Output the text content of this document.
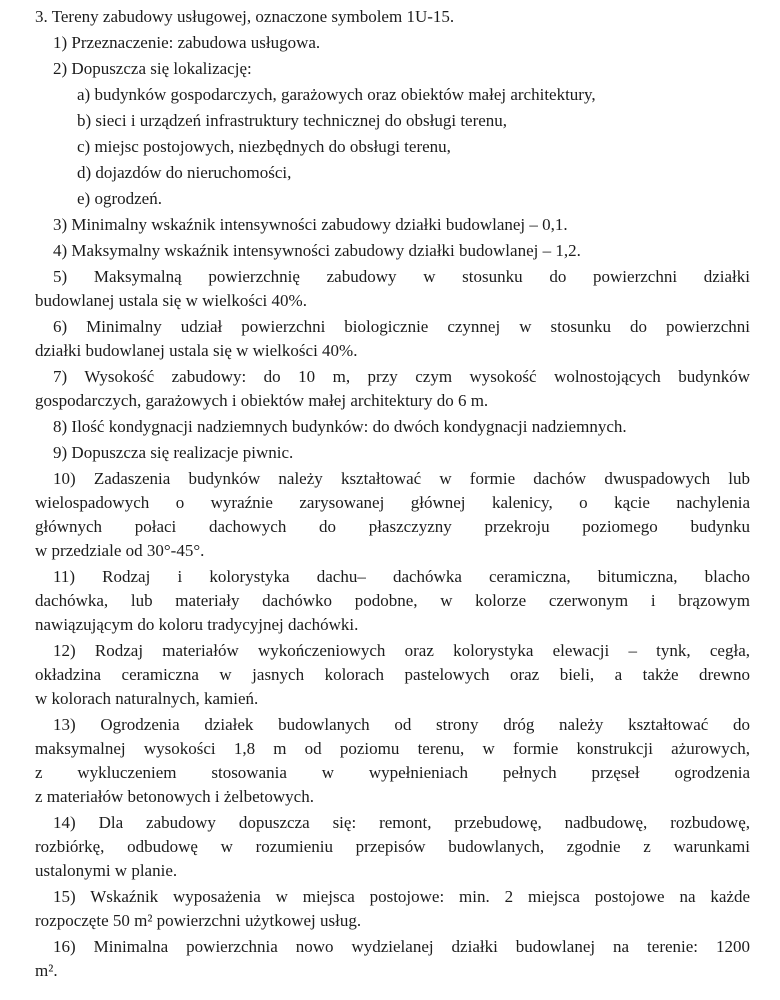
3. Tereny zabudowy usługowej, oznaczone symbolem 1U-15.
1) Przeznaczenie: zabudowa usługowa.
2) Dopuszcza się lokalizację:
a) budynków gospodarczych, garażowych oraz obiektów małej architektury,
b) sieci i urządzeń infrastruktury technicznej do obsługi terenu,
c) miejsc postojowych, niezbędnych do obsługi terenu,
d) dojazdów do nieruchomości,
e) ogrodzeń.
3) Minimalny wskaźnik intensywności zabudowy działki budowlanej – 0,1.
4) Maksymalny wskaźnik intensywności zabudowy działki budowlanej – 1,2.
5) Maksymalną powierzchnię zabudowy w stosunku do powierzchni działki
budowlanej ustala się w wielkości 40%.
6) Minimalny udział powierzchni biologicznie czynnej w stosunku do powierzchni
działki budowlanej ustala się w wielkości 40%.
7) Wysokość zabudowy: do 10 m, przy czym wysokość wolnostojących budynków
gospodarczych, garażowych i obiektów małej architektury do 6 m.
8) Ilość kondygnacji nadziemnych budynków: do dwóch kondygnacji nadziemnych.
9) Dopuszcza się realizacje piwnic.
10) Zadaszenia budynków należy kształtować w formie dachów dwuspadowych lub
wielospadowych o wyraźnie zarysowanej głównej kalenicy, o kącie nachylenia
głównych połaci dachowych do płaszczyzny przekroju poziomego budynku
w przedziale od 30°-45°.
11) Rodzaj i kolorystyka dachu– dachówka ceramiczna, bitumiczna, blacho
dachówka, lub materiały dachówko podobne, w kolorze czerwonym i brązowym
nawiązującym do koloru tradycyjnej dachówki.
12) Rodzaj materiałów wykończeniowych oraz kolorystyka elewacji – tynk, cegła,
okładzina ceramiczna w jasnych kolorach pastelowych oraz bieli, a także drewno
w kolorach naturalnych, kamień.
13) Ogrodzenia działek budowlanych od strony dróg należy kształtować do
maksymalnej wysokości 1,8 m od poziomu terenu, w formie konstrukcji ażurowych,
z wykluczeniem stosowania w wypełnieniach pełnych przęseł ogrodzenia
z materiałów betonowych i żelbetowych.
14) Dla zabudowy dopuszcza się: remont, przebudowę, nadbudowę, rozbudowę,
rozbiórkę, odbudowę w rozumieniu przepisów budowlanych, zgodnie z warunkami
ustalonymi w planie.
15) Wskaźnik wyposażenia w miejsca postojowe: min. 2 miejsca postojowe na każde
rozpoczęte 50 m² powierzchni użytkowej usług.
16) Minimalna powierzchnia nowo wydzielanej działki budowlanej na terenie: 1200
m².
